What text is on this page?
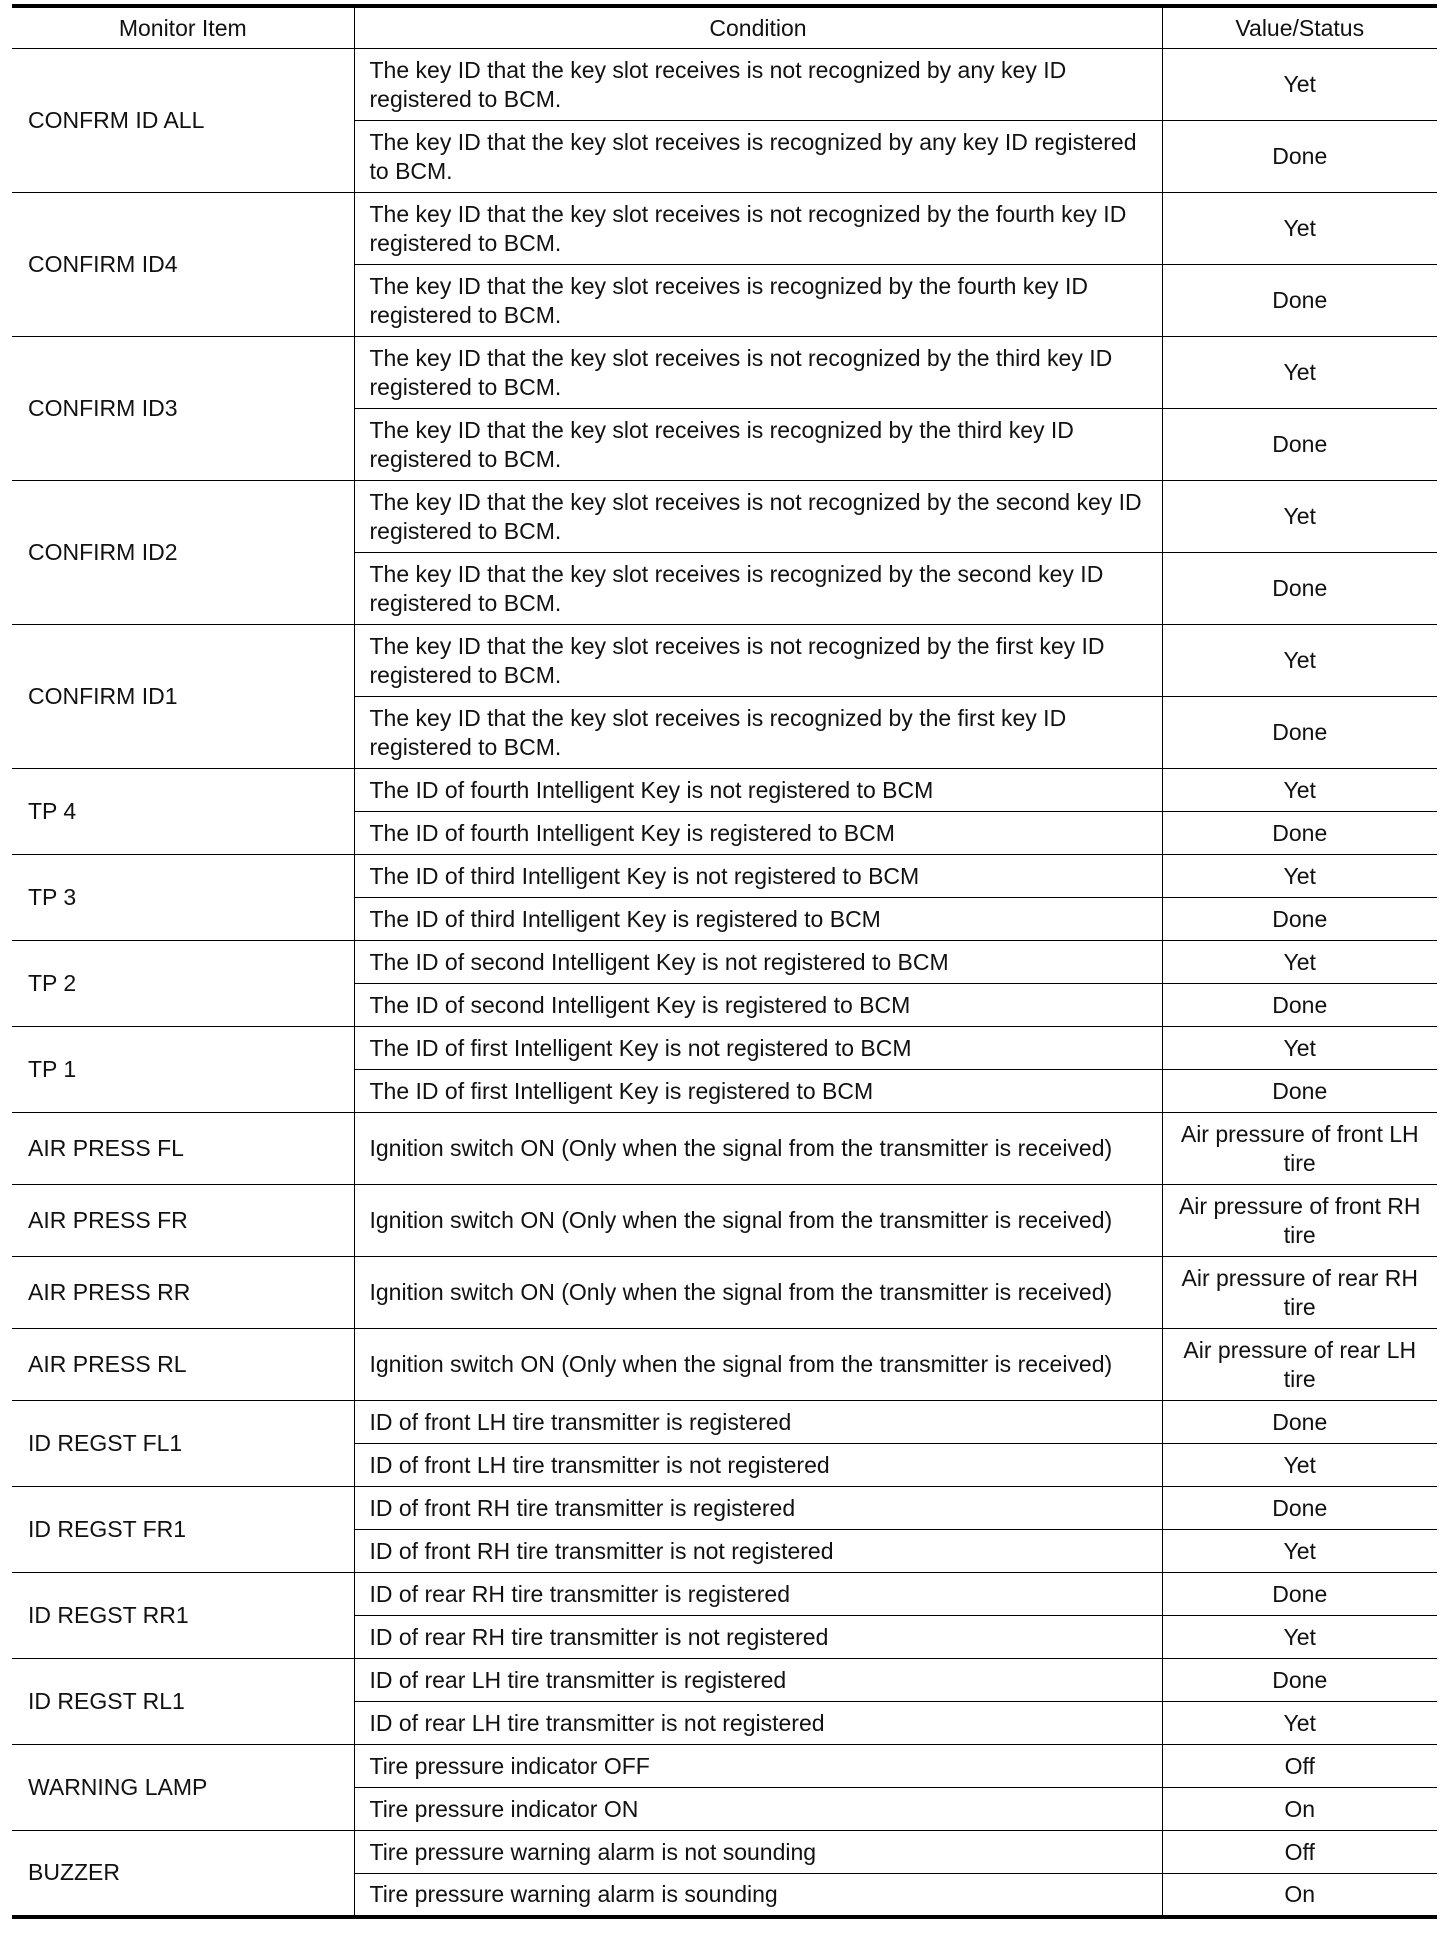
Monitor Item	Condition	Value/Status
CONFRM ID ALL	The key ID that the key slot receives is not recognized by any key ID registered to BCM.	Yet
	The key ID that the key slot receives is recognized by any key ID registered to BCM.	Done
CONFIRM ID4	The key ID that the key slot receives is not recognized by the fourth key ID registered to BCM.	Yet
	The key ID that the key slot receives is recognized by the fourth key ID registered to BCM.	Done
CONFIRM ID3	The key ID that the key slot receives is not recognized by the third key ID registered to BCM.	Yet
	The key ID that the key slot receives is recognized by the third key ID registered to BCM.	Done
CONFIRM ID2	The key ID that the key slot receives is not recognized by the second key ID registered to BCM.	Yet
	The key ID that the key slot receives is recognized by the second key ID registered to BCM.	Done
CONFIRM ID1	The key ID that the key slot receives is not recognized by the first key ID registered to BCM.	Yet
	The key ID that the key slot receives is recognized by the first key ID registered to BCM.	Done
TP 4	The ID of fourth Intelligent Key is not registered to BCM	Yet
	The ID of fourth Intelligent Key is registered to BCM	Done
TP 3	The ID of third Intelligent Key is not registered to BCM	Yet
	The ID of third Intelligent Key is registered to BCM	Done
TP 2	The ID of second Intelligent Key is not registered to BCM	Yet
	The ID of second Intelligent Key is registered to BCM	Done
TP 1	The ID of first Intelligent Key is not registered to BCM	Yet
	The ID of first Intelligent Key is registered to BCM	Done
AIR PRESS FL	Ignition switch ON (Only when the signal from the transmitter is received)	Air pressure of front LH tire
AIR PRESS FR	Ignition switch ON (Only when the signal from the transmitter is received)	Air pressure of front RH tire
AIR PRESS RR	Ignition switch ON (Only when the signal from the transmitter is received)	Air pressure of rear RH tire
AIR PRESS RL	Ignition switch ON (Only when the signal from the transmitter is received)	Air pressure of rear LH tire
ID REGST FL1	ID of front LH tire transmitter is registered	Done
	ID of front LH tire transmitter is not registered	Yet
ID REGST FR1	ID of front RH tire transmitter is registered	Done
	ID of front RH tire transmitter is not registered	Yet
ID REGST RR1	ID of rear RH tire transmitter is registered	Done
	ID of rear RH tire transmitter is not registered	Yet
ID REGST RL1	ID of rear LH tire transmitter is registered	Done
	ID of rear LH tire transmitter is not registered	Yet
WARNING LAMP	Tire pressure indicator OFF	Off
	Tire pressure indicator ON	On
BUZZER	Tire pressure warning alarm is not sounding	Off
	Tire pressure warning alarm is sounding	On
